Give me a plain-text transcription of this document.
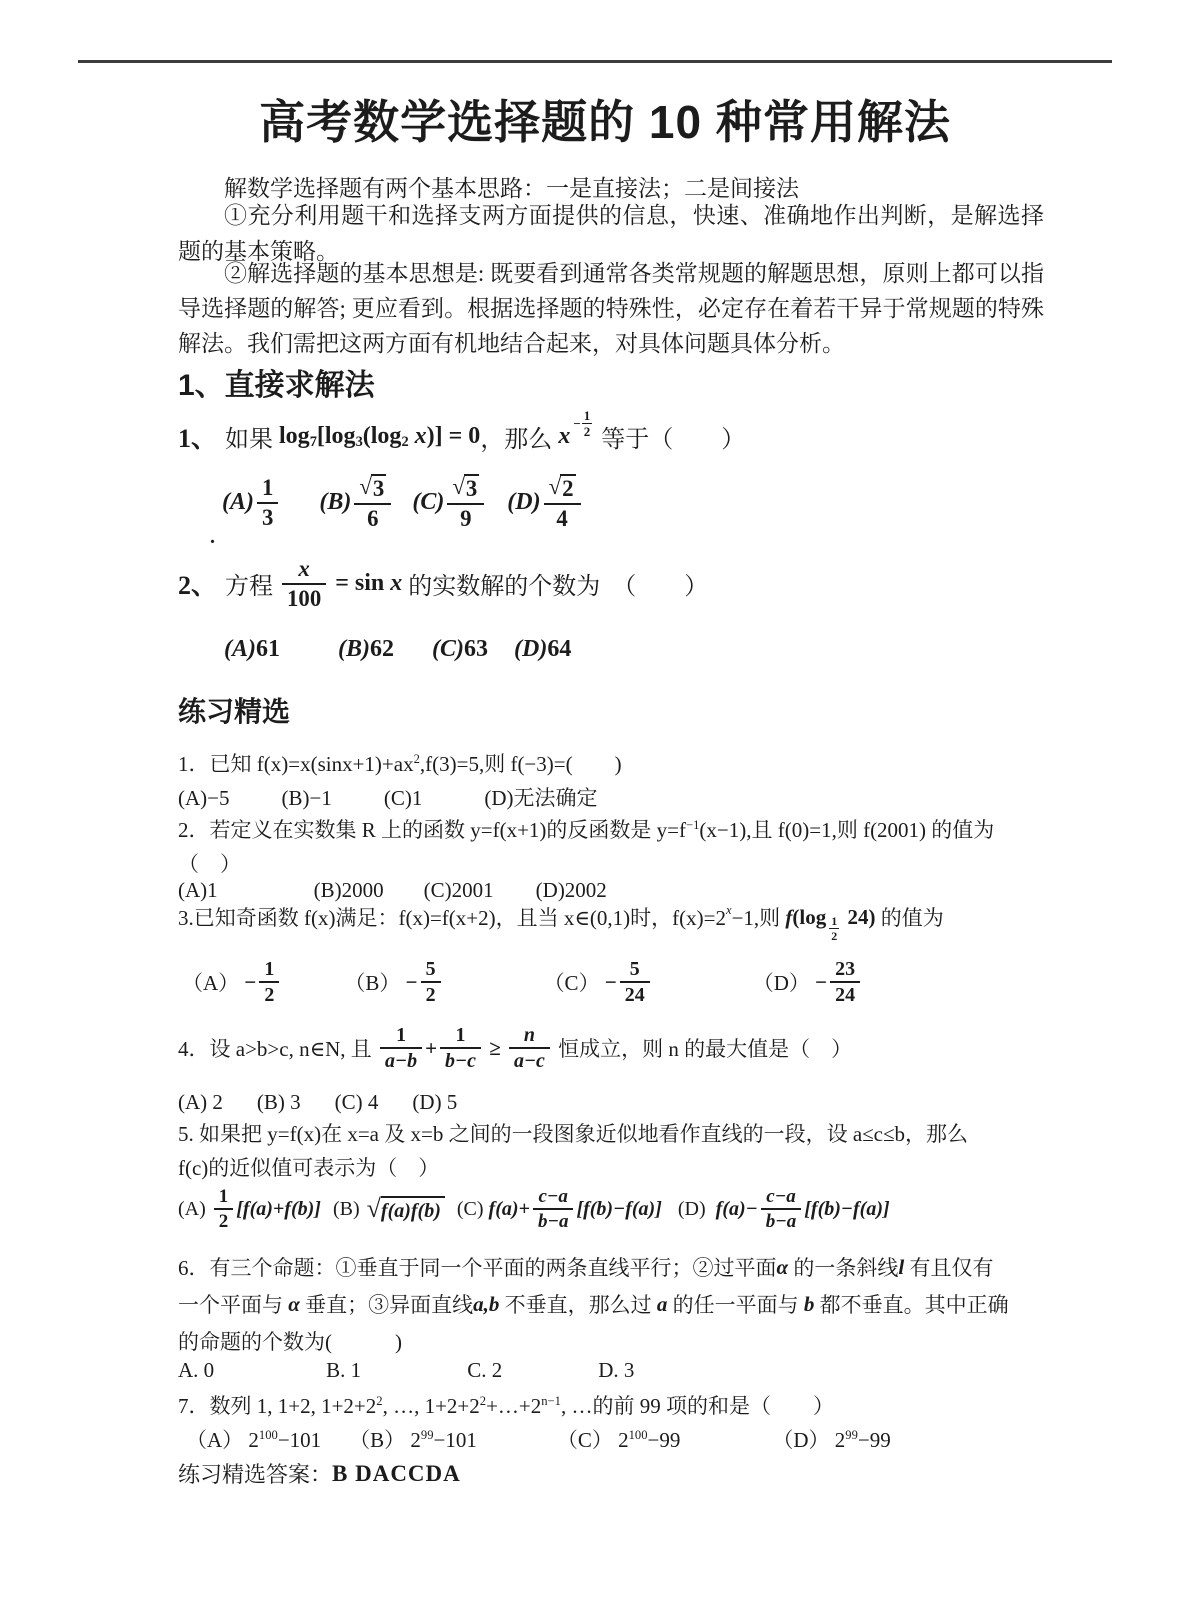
高考数学选择题的 10 种常用解法

解数学选择题有两个基本思路：一是直接法；二是间接法

①充分利用题干和选择支两方面提供的信息，快速、准确地作出判断，是解选择题的基本策略。

②解选择题的基本思想是: 既要看到通常各类常规题的解题思想，原则上都可以指导选择题的解答; 更应看到。根据选择题的特殊性，必定存在着若干异于常规题的特殊解法。我们需把这两方面有机地结合起来，对具体问题具体分析。

1、直接求解法
1、 如果 $\log_7$ [ $\log_3$ ( $\log_2 x$ )] = 0 ，那么 $x - \frac{1}{2}$
等于（　　）
$(A) \frac{1}{3} (B) \frac{√ 3}{6} (C) \frac{√ 3}{9} (D) \frac{√ 2}{4}$
.
2、 方程 $\frac{x}{100} = \sin x$ 的实数解的个数为　（　　）
(A) 61 (B) 62 (C) 63 (D) 64
练习精选
1．已知 $f(x)=x(\sin x+1)+ax^2,f(3)=5$,则 f(−3)=(　　)
(A)−5 (B)−1 (C)1	(D)无法确定
2．若定义在实数集 R 上的函数 y=f(x+1)的反函数是 $y=f^{-1}(x-1)$,且 f(0)=1,则 f(2001) 的值为
（　）
(A)1	(B)2000 (C)2001 (D)2002
3.已知奇函数 f(x)满足：f(x)=f(x+2)，且当 x∈(0,1)时，$f(x)=2^x -1$,则 f (log 1
2
24) 的值为
$(A) - \frac{1}{2}$	$(B) - \frac{5}{2}$	$(C) - \frac{5}{24}$	$(D) - \frac{23}{24}$
4．设 a>b>c, n∈N, 且 $\frac{1}{a-b} + \frac{1}{b-c} \ge \frac{n}{a-c}$ 恒成立，则 n 的最大值是（　）
(A) 2 (B) 3 (C) 4 (D) 5
5. 如果把 y=f(x)在 x=a 及 x=b 之间的一段图象近似地看作直线的一段，设 a≤c≤b，那么
f(c)的近似值可表示为（　）
$(A) \frac{1}{2} [f(a)+f(b)]$ (B) √ f(a)f(b) (C) $f(a)+ \frac{c-a}{b-a} [f(b)-f(a)]$ (D) $f(a)- \frac{c-a}{b-a} [f(b)-f(a)]$
6．有三个命题：①垂直于同一个平面的两条直线平行；②过平面 α 的一条斜线 l 有且仅有
一个平面与 α 垂直；③异面直线 a,b 不垂直，那么过 a 的任一平面与 b 都不垂直。其中正确
的命题的个数为(　　　)
A. 0	B. 1	C. 2	D. 3
7．数列 1, 1+2, $1+2+2^2$, …, $1+2+2^2+\dots+2^{n-1}$, …的前 99 项的和是（　　）
（A） $2^{100}-101$ （B） $2^{99}-101$	（C） $2^{100}-99$	（D） $2^{99}-99$
练习精选答案： B DACCDA
